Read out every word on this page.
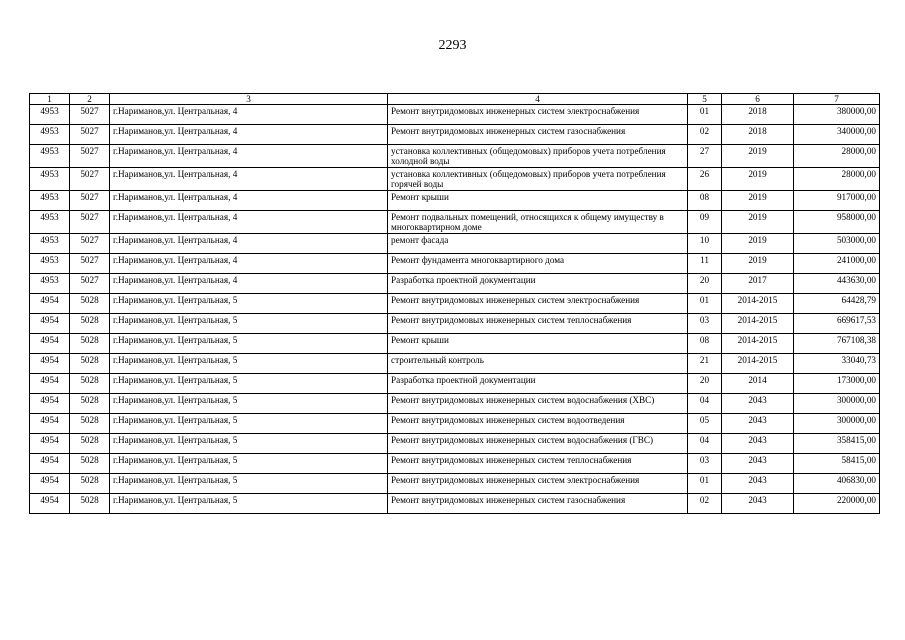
2293
1	2	3	4	5	6	7
4953	5027	г.Нариманов,ул. Центральная, 4	Ремонт внутридомовых инженерных систем электроснабжения	01	2018	380000,00
4953	5027	г.Нариманов,ул. Центральная, 4	Ремонт внутридомовых инженерных систем газоснабжения	02	2018	340000,00
4953	5027	г.Нариманов,ул. Центральная, 4	установка коллективных (общедомовых) приборов учета потребления холодной воды	27	2019	28000,00
4953	5027	г.Нариманов,ул. Центральная, 4	установка коллективных (общедомовых) приборов учета потребления горячей воды	26	2019	28000,00
4953	5027	г.Нариманов,ул. Центральная, 4	Ремонт крыши	08	2019	917000,00
4953	5027	г.Нариманов,ул. Центральная, 4	Ремонт подвальных помещений, относящихся к общему имуществу в многоквартирном доме	09	2019	958000,00
4953	5027	г.Нариманов,ул. Центральная, 4	ремонт фасада	10	2019	503000,00
4953	5027	г.Нариманов,ул. Центральная, 4	Ремонт фундамента многоквартирного дома	11	2019	241000,00
4953	5027	г.Нариманов,ул. Центральная, 4	Разработка проектной документации	20	2017	443630,00
4954	5028	г.Нариманов,ул. Центральная, 5	Ремонт внутридомовых инженерных систем электроснабжения	01	2014-2015	64428,79
4954	5028	г.Нариманов,ул. Центральная, 5	Ремонт внутридомовых инженерных систем теплоснабжения	03	2014-2015	669617,53
4954	5028	г.Нариманов,ул. Центральная, 5	Ремонт крыши	08	2014-2015	767108,38
4954	5028	г.Нариманов,ул. Центральная, 5	строительный контроль	21	2014-2015	33040,73
4954	5028	г.Нариманов,ул. Центральная, 5	Разработка проектной документации	20	2014	173000,00
4954	5028	г.Нариманов,ул. Центральная, 5	Ремонт внутридомовых инженерных систем водоснабжения (ХВС)	04	2043	300000,00
4954	5028	г.Нариманов,ул. Центральная, 5	Ремонт внутридомовых инженерных систем водоотведения	05	2043	300000,00
4954	5028	г.Нариманов,ул. Центральная, 5	Ремонт внутридомовых инженерных систем водоснабжения (ГВС)	04	2043	358415,00
4954	5028	г.Нариманов,ул. Центральная, 5	Ремонт внутридомовых инженерных систем теплоснабжения	03	2043	58415,00
4954	5028	г.Нариманов,ул. Центральная, 5	Ремонт внутридомовых инженерных систем электроснабжения	01	2043	406830,00
4954	5028	г.Нариманов,ул. Центральная, 5	Ремонт внутридомовых инженерных систем газоснабжения	02	2043	220000,00
